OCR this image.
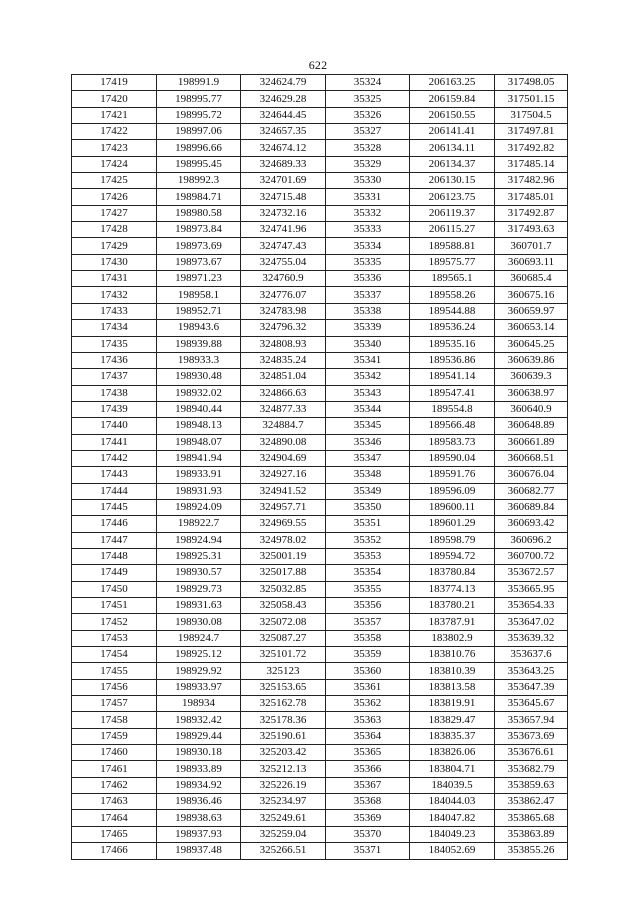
622
17419	198991.9	324624.79	35324	206163.25	317498.05
17420	198995.77	324629.28	35325	206159.84	317501.15
17421	198995.72	324644.45	35326	206150.55	317504.5
17422	198997.06	324657.35	35327	206141.41	317497.81
17423	198996.66	324674.12	35328	206134.11	317492.82
17424	198995.45	324689.33	35329	206134.37	317485.14
17425	198992.3	324701.69	35330	206130.15	317482.96
17426	198984.71	324715.48	35331	206123.75	317485.01
17427	198980.58	324732.16	35332	206119.37	317492.87
17428	198973.84	324741.96	35333	206115.27	317493.63
17429	198973.69	324747.43	35334	189588.81	360701.7
17430	198973.67	324755.04	35335	189575.77	360693.11
17431	198971.23	324760.9	35336	189565.1	360685.4
17432	198958.1	324776.07	35337	189558.26	360675.16
17433	198952.71	324783.98	35338	189544.88	360659.97
17434	198943.6	324796.32	35339	189536.24	360653.14
17435	198939.88	324808.93	35340	189535.16	360645.25
17436	198933.3	324835.24	35341	189536.86	360639.86
17437	198930.48	324851.04	35342	189541.14	360639.3
17438	198932.02	324866.63	35343	189547.41	360638.97
17439	198940.44	324877.33	35344	189554.8	360640.9
17440	198948.13	324884.7	35345	189566.48	360648.89
17441	198948.07	324890.08	35346	189583.73	360661.89
17442	198941.94	324904.69	35347	189590.04	360668.51
17443	198933.91	324927.16	35348	189591.76	360676.04
17444	198931.93	324941.52	35349	189596.09	360682.77
17445	198924.09	324957.71	35350	189600.11	360689.84
17446	198922.7	324969.55	35351	189601.29	360693.42
17447	198924.94	324978.02	35352	189598.79	360696.2
17448	198925.31	325001.19	35353	189594.72	360700.72
17449	198930.57	325017.88	35354	183780.84	353672.57
17450	198929.73	325032.85	35355	183774.13	353665.95
17451	198931.63	325058.43	35356	183780.21	353654.33
17452	198930.08	325072.08	35357	183787.91	353647.02
17453	198924.7	325087.27	35358	183802.9	353639.32
17454	198925.12	325101.72	35359	183810.76	353637.6
17455	198929.92	325123	35360	183810.39	353643.25
17456	198933.97	325153.65	35361	183813.58	353647.39
17457	198934	325162.78	35362	183819.91	353645.67
17458	198932.42	325178.36	35363	183829.47	353657.94
17459	198929.44	325190.61	35364	183835.37	353673.69
17460	198930.18	325203.42	35365	183826.06	353676.61
17461	198933.89	325212.13	35366	183804.71	353682.79
17462	198934.92	325226.19	35367	184039.5	353859.63
17463	198936.46	325234.97	35368	184044.03	353862.47
17464	198938.63	325249.61	35369	184047.82	353865.68
17465	198937.93	325259.04	35370	184049.23	353863.89
17466	198937.48	325266.51	35371	184052.69	353855.26
